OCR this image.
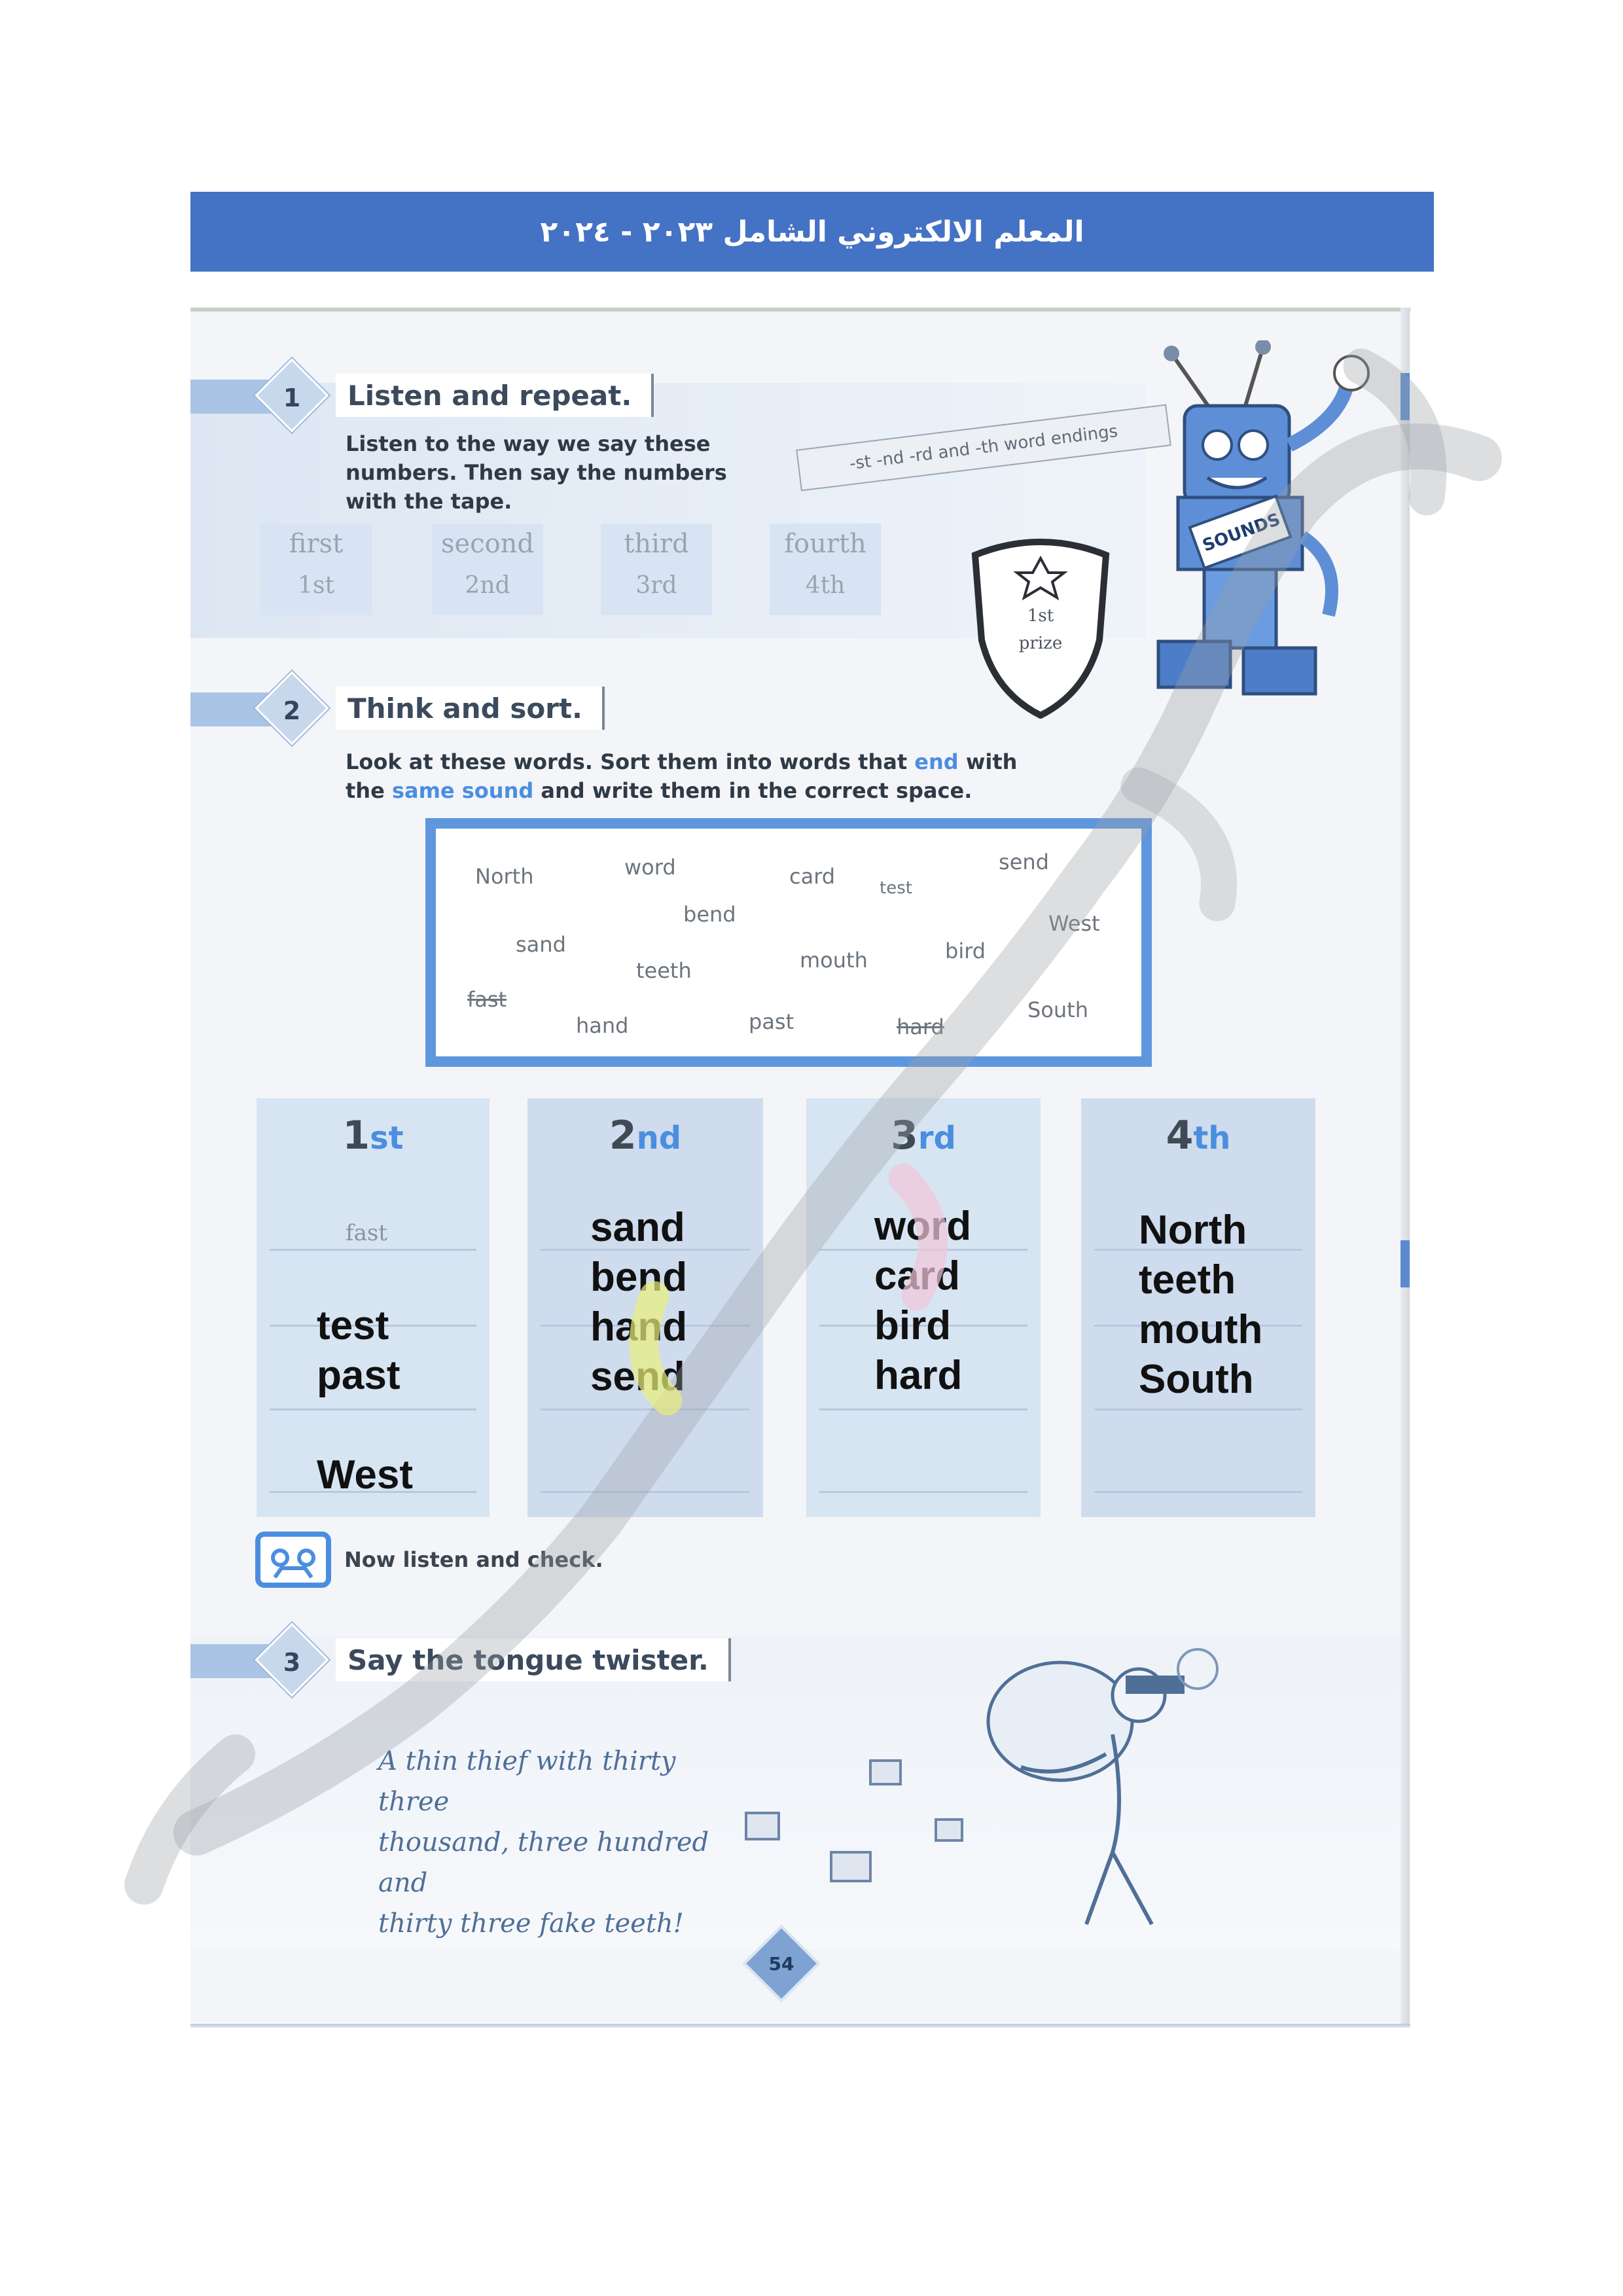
المعلم الالكتروني الشامل ٢٠٢٣ - ٢٠٢٤
1	Listen and repeat.
Listen to the way we say these
numbers. Then say the numbers
with the tape.
first
1st
second
2nd
third
3rd
fourth
4th
-st -nd -rd and -th word endings
1st
prize
SOUNDS
2	Think and sort.
Look at these words. Sort them into words that end with
the same sound and write them in the correct space.
North	word	card	test
send
bend	West
sand
mouth	bird
teeth
fast
hand	past	hard
South
1st
fast
test
past
West
2nd
sand
bend
hand
send
3rd
word
card
bird
hard
4th
North
teeth
mouth
South
Now listen and check.
3	Say the tongue twister.
A thin thief with thirty three
thousand, three hundred and
thirty three fake teeth!
54
